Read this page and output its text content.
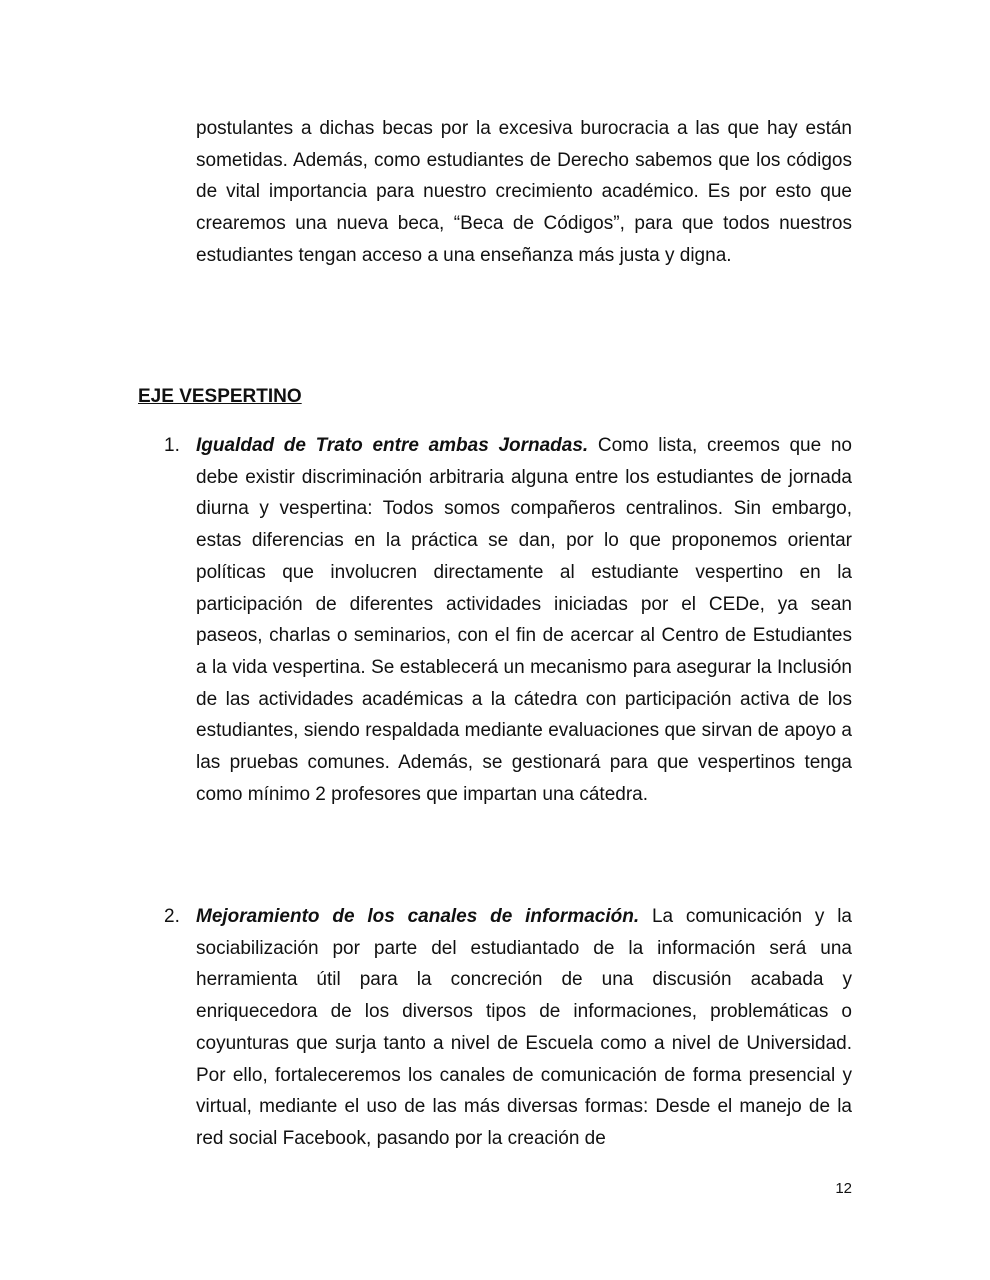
postulantes a dichas becas por la excesiva burocracia a las que hay están sometidas. Además, como estudiantes de Derecho sabemos que los códigos de vital importancia para nuestro crecimiento académico. Es por esto que crearemos una nueva beca, “Beca de Códigos”, para que todos nuestros estudiantes tengan acceso a una enseñanza más justa y digna.

EJE VESPERTINO

1. Igualdad de Trato entre ambas Jornadas. Como lista, creemos que no debe existir discriminación arbitraria alguna entre los estudiantes de jornada diurna y vespertina: Todos somos compañeros centralinos. Sin embargo, estas diferencias en la práctica se dan, por lo que proponemos orientar políticas que involucren directamente al estudiante vespertino en la participación de diferentes actividades iniciadas por el CEDe, ya sean paseos, charlas o seminarios, con el fin de acercar al Centro de Estudiantes a la vida vespertina. Se establecerá un mecanismo para asegurar la Inclusión de las actividades académicas a la cátedra con participación activa de los estudiantes, siendo respaldada mediante evaluaciones que sirvan de apoyo a las pruebas comunes. Además, se gestionará para que vespertinos tenga como mínimo 2 profesores que impartan una cátedra.

2. Mejoramiento de los canales de información. La comunicación y la sociabilización por parte del estudiantado de la información será una herramienta útil para la concreción de una discusión acabada y enriquecedora de los diversos tipos de informaciones, problemáticas o coyunturas que surja tanto a nivel de Escuela como a nivel de Universidad. Por ello, fortaleceremos los canales de comunicación de forma presencial y virtual, mediante el uso de las más diversas formas: Desde el manejo de la red social Facebook, pasando por la creación de

12
